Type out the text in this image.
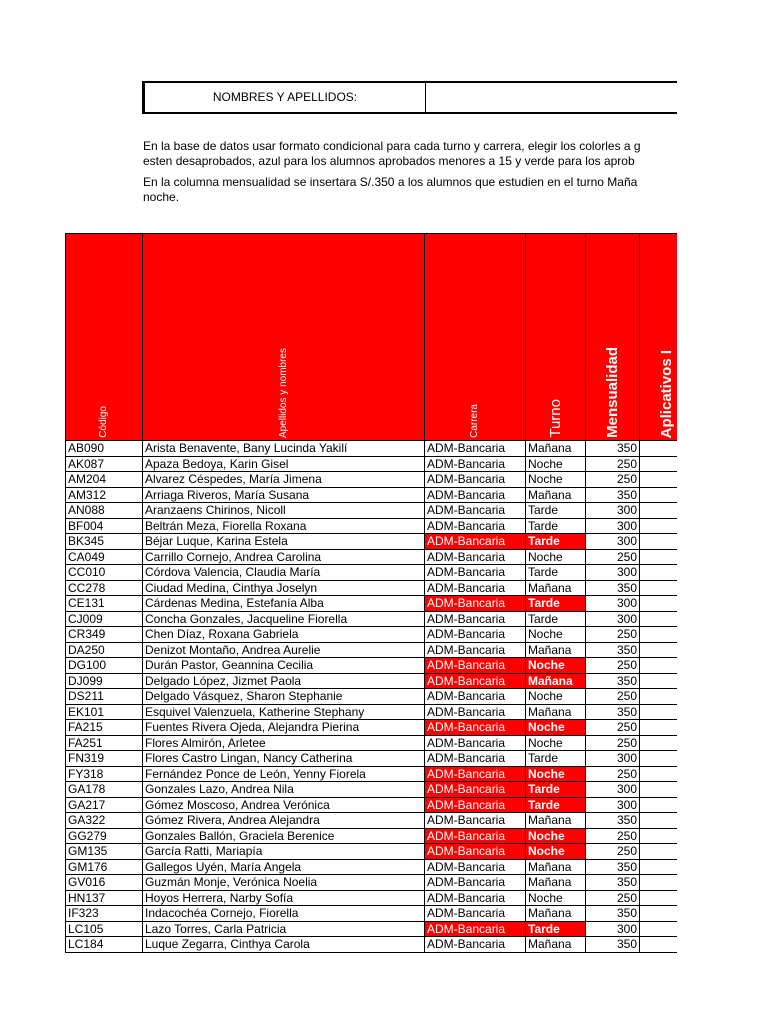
NOMBRES Y APELLIDOS:
En la base de datos usar formato condicional para cada turno y carrera, elegir los colorles a g
esten desaprobados, azul para los alumnos aprobados menores a 15 y verde para los aprob
En la columna mensualidad se insertara S/.350 a los alumnos que estudien en el turno Maña
noche.
Código	Apellidos y nombres	Carrera	Turno	Mensualidad	Aplicativos I

AB090	Arista Benavente, Bany Lucinda Yakilí	ADM-Bancaria	Mañana	350	
AK087	Apaza Bedoya, Karin Gisel	ADM-Bancaria	Noche	250	
AM204	Alvarez Céspedes, María Jimena	ADM-Bancaria	Noche	250	
AM312	Arriaga Riveros, María Susana	ADM-Bancaria	Mañana	350	
AN088	Aranzaens Chirinos, Nicoll	ADM-Bancaria	Tarde	300	
BF004	Beltrán Meza, Fiorella Roxana	ADM-Bancaria	Tarde	300	
BK345	Béjar Luque, Karina Estela	ADM-Bancaria	Tarde	300	
CA049	Carrillo Cornejo, Andrea Carolina	ADM-Bancaria	Noche	250	
CC010	Córdova Valencia, Claudia María	ADM-Bancaria	Tarde	300	
CC278	Ciudad Medina, Cinthya Joselyn	ADM-Bancaria	Mañana	350	
CE131	Cárdenas Medina, Estefanía Alba	ADM-Bancaria	Tarde	300	
CJ009	Concha Gonzales, Jacqueline Fiorella	ADM-Bancaria	Tarde	300	
CR349	Chen Díaz, Roxana Gabriela	ADM-Bancaria	Noche	250	
DA250	Denizot Montaño, Andrea Aurelie	ADM-Bancaria	Mañana	350	
DG100	Durán Pastor, Geannina Cecilia	ADM-Bancaria	Noche	250	
DJ099	Delgado López, Jizmet Paola	ADM-Bancaria	Mañana	350	
DS211	Delgado Vásquez, Sharon Stephanie	ADM-Bancaria	Noche	250	
EK101	Esquivel Valenzuela, Katherine Stephany	ADM-Bancaria	Mañana	350	
FA215	Fuentes Rivera Ojeda, Alejandra Pierina	ADM-Bancaria	Noche	250	
FA251	Flores Almirón, Arletee	ADM-Bancaria	Noche	250	
FN319	Flores Castro Lingan, Nancy Catherina	ADM-Bancaria	Tarde	300	
FY318	Fernández Ponce de León, Yenny Fiorela	ADM-Bancaria	Noche	250	
GA178	Gonzales Lazo, Andrea Nila	ADM-Bancaria	Tarde	300	
GA217	Gómez Moscoso, Andrea Verónica	ADM-Bancaria	Tarde	300	
GA322	Gómez Rivera, Andrea Alejandra	ADM-Bancaria	Mañana	350	
GG279	Gonzales Ballón, Graciela Berenice	ADM-Bancaria	Noche	250	
GM135	García Ratti, Mariapía	ADM-Bancaria	Noche	250	
GM176	Gallegos Uyén, María Angela	ADM-Bancaria	Mañana	350	
GV016	Guzmán Monje, Verónica Noelia	ADM-Bancaria	Mañana	350	
HN137	Hoyos Herrera, Narby Sofía	ADM-Bancaria	Noche	250	
IF323	Indacochéa Cornejo, Fiorella	ADM-Bancaria	Mañana	350	
LC105	Lazo Torres, Carla Patricia	ADM-Bancaria	Tarde	300	
LC184	Luque Zegarra, Cinthya Carola	ADM-Bancaria	Mañana	350	
